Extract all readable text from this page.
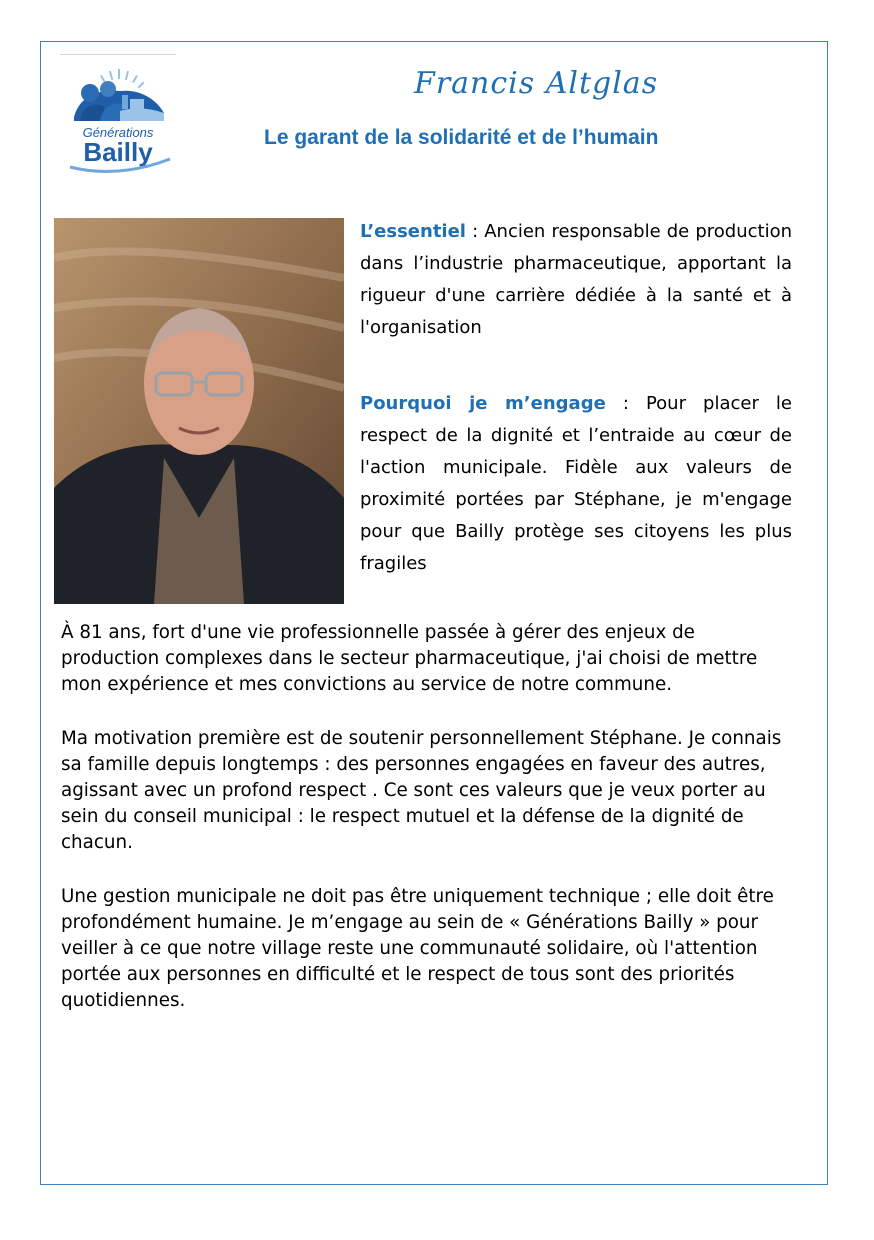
Générations
Bailly
Francis Altglas
Le garant de la solidarité et de l’humain
L’essentiel : Ancien responsable de production dans l’industrie pharmaceutique, apportant la rigueur d'une carrière dédiée à la santé et à l'organisation
Pourquoi je m’engage : Pour placer le respect de la dignité et l’entraide au cœur de l'action municipale. Fidèle aux valeurs de proximité portées par Stéphane, je m'engage pour que Bailly protège ses citoyens les plus fragiles
À 81 ans, fort d'une vie professionnelle passée à gérer des enjeux de production complexes dans le secteur pharmaceutique, j'ai choisi de mettre mon expérience et mes convictions au service de notre commune.
Ma motivation première est de soutenir personnellement Stéphane. Je connais sa famille depuis longtemps : des personnes engagées en faveur des autres, agissant avec un profond respect . Ce sont ces valeurs que je veux porter au sein du conseil municipal : le respect mutuel et la défense de la dignité de chacun.
Une gestion municipale ne doit pas être uniquement technique ; elle doit être profondément humaine. Je m’engage au sein de « Générations Bailly » pour veiller à ce que notre village reste une communauté solidaire, où l'attention portée aux personnes en difficulté et le respect de tous sont des priorités quotidiennes.
